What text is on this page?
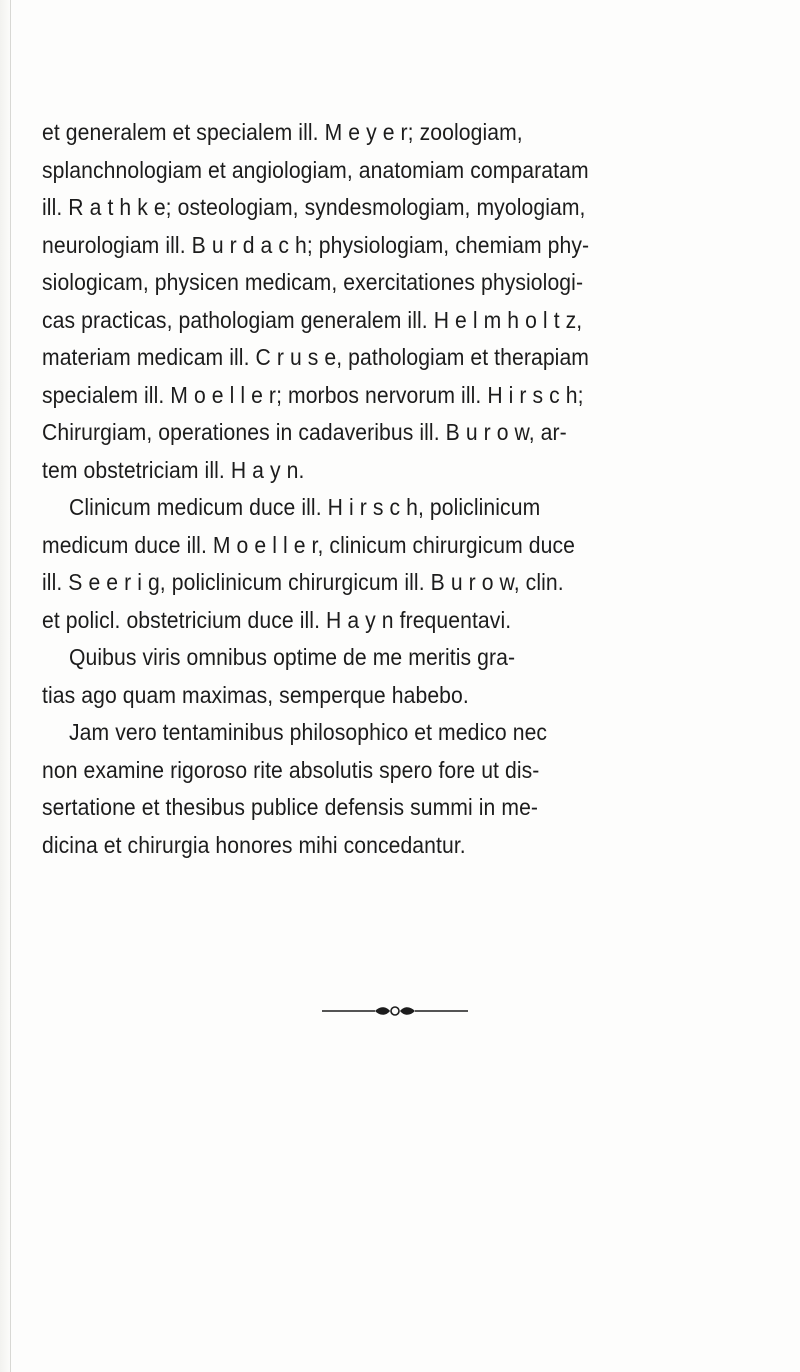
et generalem et specialem ill. M e y e r; zoologiam,
splanchnologiam et angiologiam, anatomiam comparatam
ill. R a t h k e; osteologiam, syndesmologiam, myologiam,
neurologiam ill. B u r d a c h; physiologiam, chemiam phy-
siologicam, physicen medicam, exercitationes physiologi-
cas practicas, pathologiam generalem ill. H e l m h o l t z,
materiam medicam ill. C r u s e, pathologiam et therapiam
specialem ill. M o e l l e r; morbos nervorum ill. H i r s c h;
Chirurgiam, operationes in cadaveribus ill. B u r o w, ar-
tem obstetriciam ill. H a y n.
Clinicum medicum duce ill. H i r s c h, policlinicum
medicum duce ill. M o e l l e r, clinicum chirurgicum duce
ill. S e e r i g, policlinicum chirurgicum ill. B u r o w, clin.
et policl. obstetricium duce ill. H a y n frequentavi.
Quibus viris omnibus optime de me meritis gra-
tias ago quam maximas, semperque habebo.
Jam vero tentaminibus philosophico et medico nec
non examine rigoroso rite absolutis spero fore ut dis-
sertatione et thesibus publice defensis summi in me-
dicina et chirurgia honores mihi concedantur.
